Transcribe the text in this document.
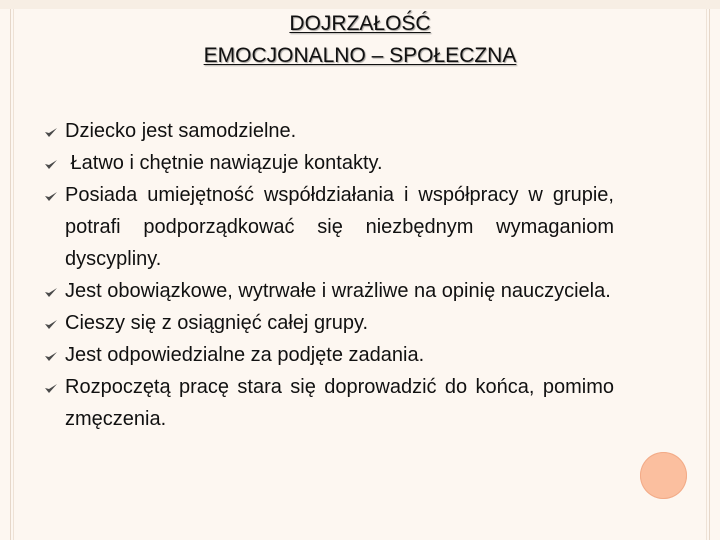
DOJRZAŁOŚĆ
EMOCJONALNO – SPOŁECZNA
Dziecko jest samodzielne.
Łatwo i chętnie nawiązuje kontakty.
Posiada umiejętność współdziałania i współpracy w grupie, potrafi podporządkować się niezbędnym wymaganiom dyscypliny.
Jest obowiązkowe, wytrwałe i wrażliwe na opinię nauczyciela.
Cieszy się z osiągnięć całej grupy.
Jest odpowiedzialne za podjęte zadania.
Rozpoczętą pracę stara się doprowadzić do końca, pomimo zmęczenia.
